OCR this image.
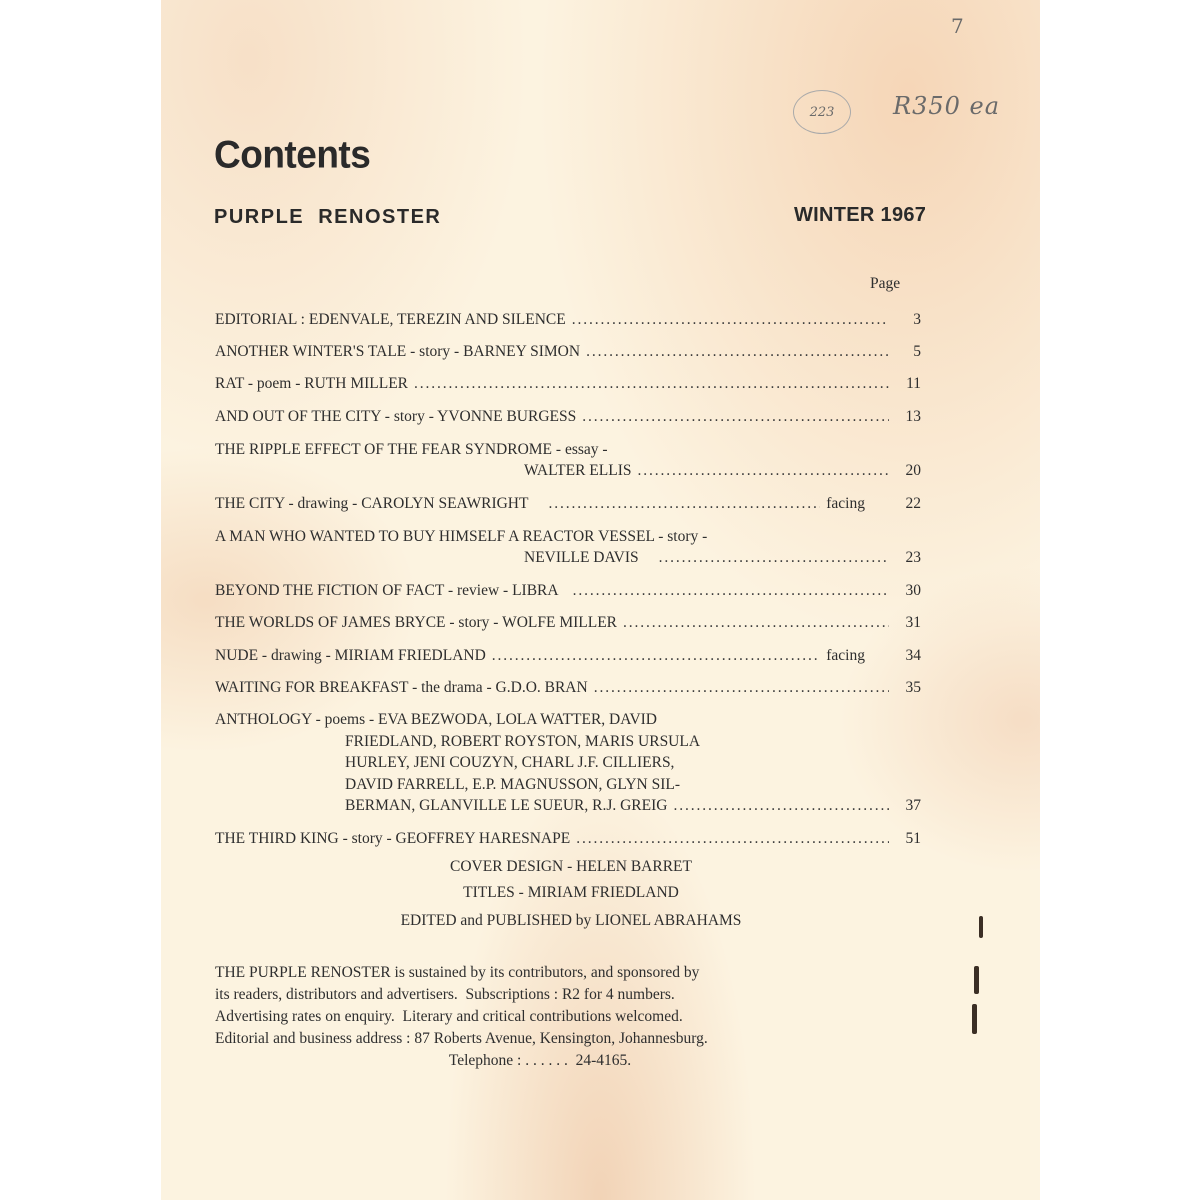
7
223	R350 ea
Contents
PURPLE  RENOSTER	WINTER 1967
Page
EDITORIAL : EDENVALE, TEREZIN AND SILENCE . . .	3
ANOTHER WINTER'S TALE - story - BARNEY SIMON . . .	5
RAT - poem - RUTH MILLER . . .	11
AND OUT OF THE CITY - story - YVONNE BURGESS . . .	13
THE RIPPLE EFFECT OF THE FEAR SYNDROME - essay -
WALTER ELLIS . . .	20
THE CITY - drawing - CAROLYN SEAWRIGHT . . .	facing	22
A MAN WHO WANTED TO BUY HIMSELF A REACTOR VESSEL - story -
NEVILLE DAVIS . . .	23
BEYOND THE FICTION OF FACT - review - LIBRA . . .	30
THE WORLDS OF JAMES BRYCE - story - WOLFE MILLER . . .	31
NUDE - drawing - MIRIAM FRIEDLAND . . .	facing	34
WAITING FOR BREAKFAST - the drama - G.D.O. BRAN . . .	35
ANTHOLOGY - poems - EVA BEZWODA, LOLA WATTER, DAVID
FRIEDLAND, ROBERT ROYSTON, MARIS URSULA
HURLEY, JENI COUZYN, CHARL J.F. CILLIERS,
DAVID FARRELL, E.P. MAGNUSSON, GLYN SIL-
BERMAN, GLANVILLE LE SUEUR, R.J. GREIG . . .	37
THE THIRD KING - story - GEOFFREY HARESNAPE . . .	51
COVER DESIGN - HELEN BARRET
TITLES - MIRIAM FRIEDLAND
EDITED and PUBLISHED by LIONEL ABRAHAMS
THE PURPLE RENOSTER is sustained by its contributors, and sponsored by
its readers, distributors and advertisers.  Subscriptions : R2 for 4 numbers.
Advertising rates on enquiry.  Literary and critical contributions welcomed.
Editorial and business address : 87 Roberts Avenue, Kensington, Johannesburg.
Telephone : . . . . . .  24-4165.
